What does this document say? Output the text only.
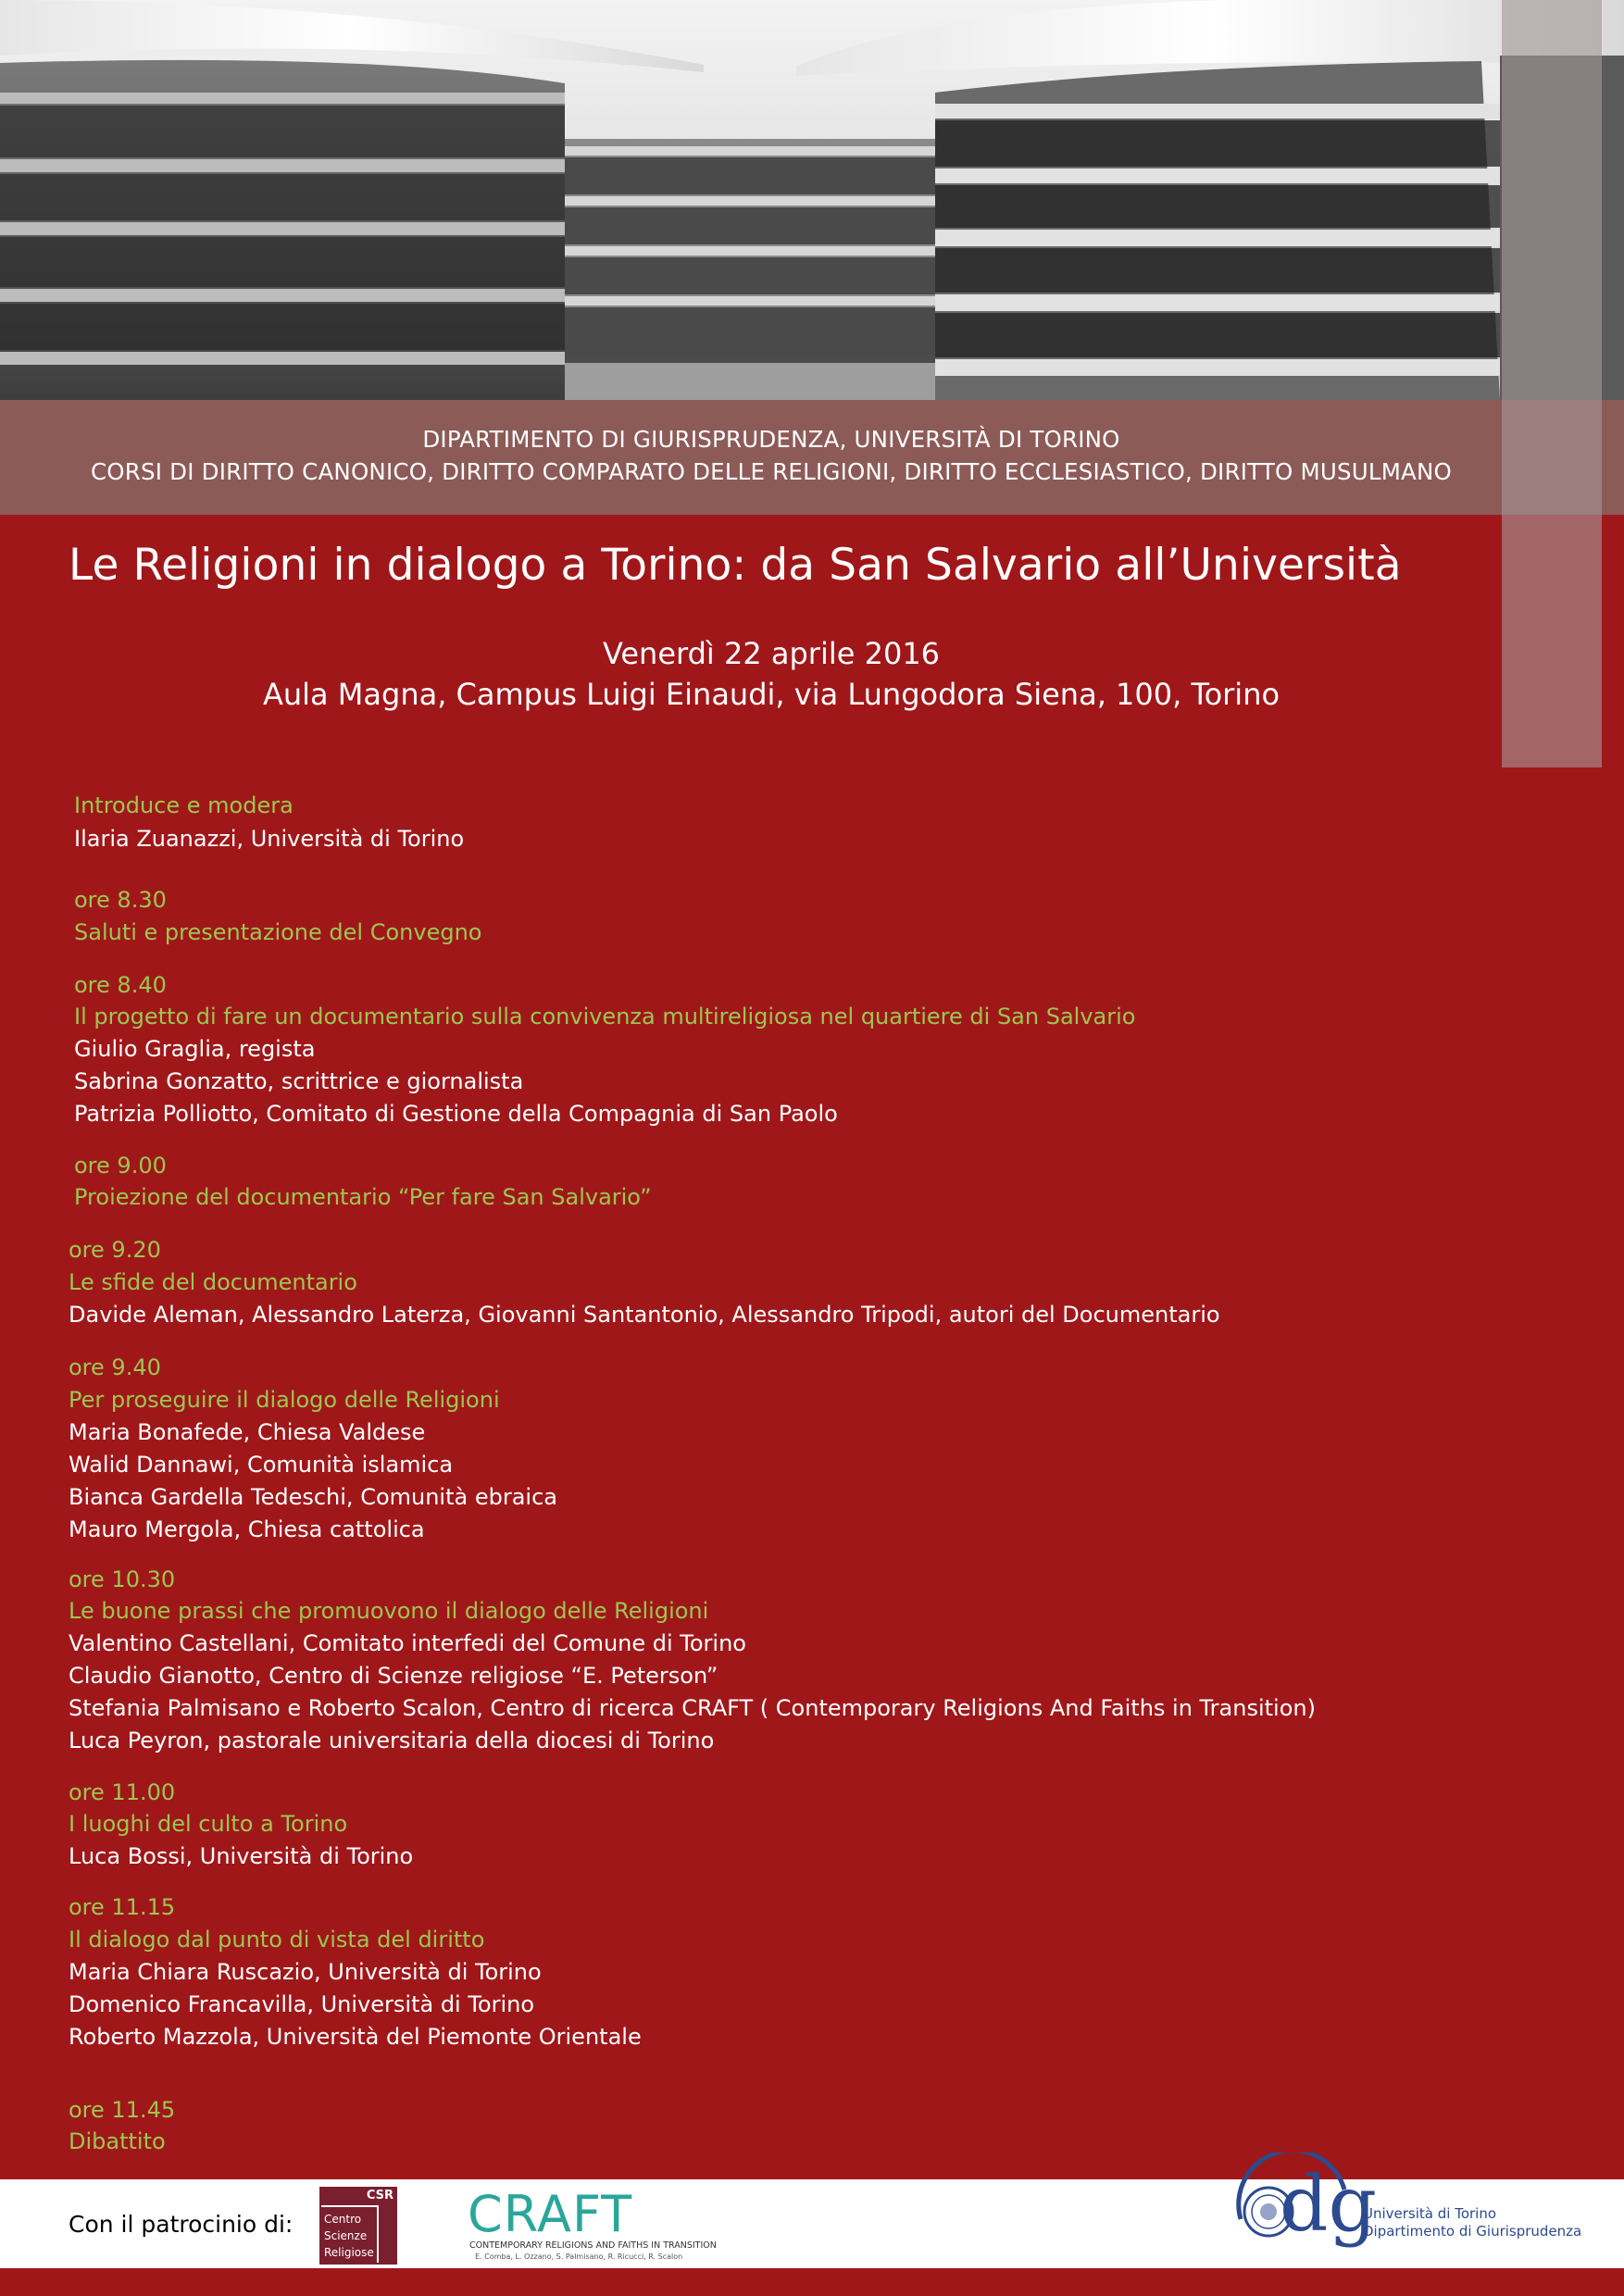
DIPARTIMENTO DI GIURISPRUDENZA, UNIVERSITÀ DI TORINO
CORSI DI DIRITTO CANONICO, DIRITTO COMPARATO DELLE RELIGIONI, DIRITTO ECCLESIASTICO, DIRITTO MUSULMANO
Le Religioni in dialogo a Torino: da San Salvario all’Università
Venerdì 22 aprile 2016
Aula Magna, Campus Luigi Einaudi, via Lungodora Siena, 100, Torino
Introduce e modera
Ilaria Zuanazzi, Università di Torino
ore 8.30
Saluti e presentazione del Convegno
ore 8.40
Il progetto di fare un documentario sulla convivenza multireligiosa nel quartiere di San Salvario
Giulio Graglia, regista
Sabrina Gonzatto, scrittrice e giornalista
Patrizia Polliotto, Comitato di Gestione della Compagnia di San Paolo
ore 9.00
Proiezione del documentario “Per fare San Salvario”
ore 9.20
Le sfide del documentario
Davide Aleman, Alessandro Laterza, Giovanni Santantonio, Alessandro Tripodi, autori del Documentario
ore 9.40
Per proseguire il dialogo delle Religioni
Maria Bonafede, Chiesa Valdese
Walid Dannawi, Comunità islamica
Bianca Gardella Tedeschi, Comunità ebraica
Mauro Mergola, Chiesa cattolica
ore 10.30
Le buone prassi che promuovono il dialogo delle Religioni
Valentino Castellani, Comitato interfedi del Comune di Torino
Claudio Gianotto, Centro di Scienze religiose “E. Peterson”
Stefania Palmisano e Roberto Scalon, Centro di ricerca CRAFT ( Contemporary Religions And Faiths in Transition)
Luca Peyron, pastorale universitaria della diocesi di Torino
ore 11.00
I luoghi del culto a Torino
Luca Bossi, Università di Torino
ore 11.15
Il dialogo dal punto di vista del diritto
Maria Chiara Ruscazio, Università di Torino
Domenico Francavilla, Università di Torino
Roberto Mazzola, Università del Piemonte Orientale
ore 11.45
Dibattito
Con il patrocinio di:
CSR
Centro
Scienze
Religiose
CRAFT
CONTEMPORARY RELIGIONS AND FAITHS IN TRANSITION
E. Comba, L. Ozzano, S. Palmisano, R. Ricucci, R. Scalon
dg
Università di Torino
Dipartimento di Giurisprudenza
